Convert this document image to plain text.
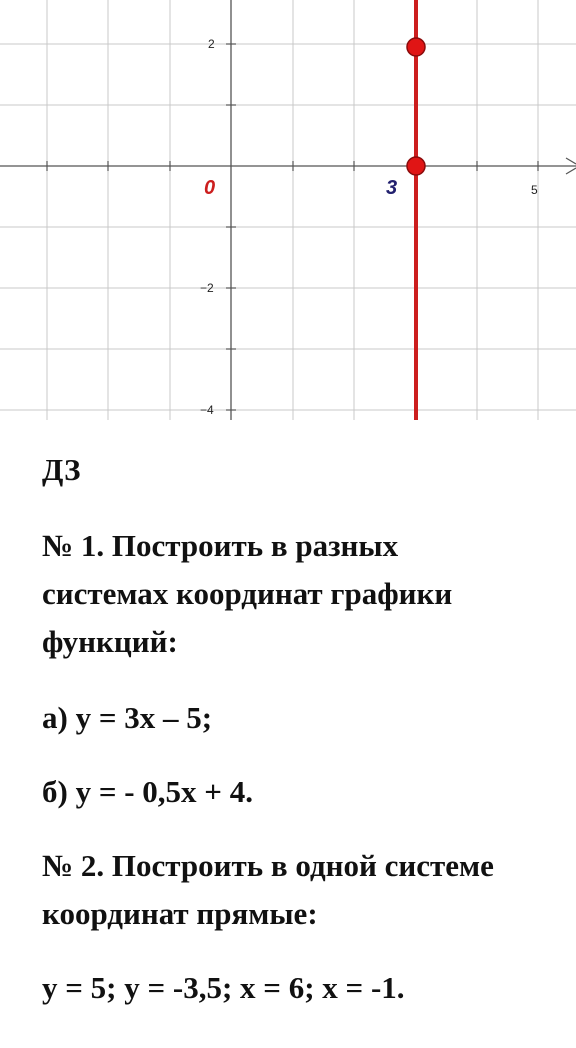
5
2
−2
−4
0	3
ДЗ
№ 1. Построить в разных
системах координат графики
функций:
а) у = 3х – 5;
б) у = - 0,5х + 4.
№ 2. Построить в одной системе
координат прямые:
у = 5; у = -3,5; х = 6; х = -1.
